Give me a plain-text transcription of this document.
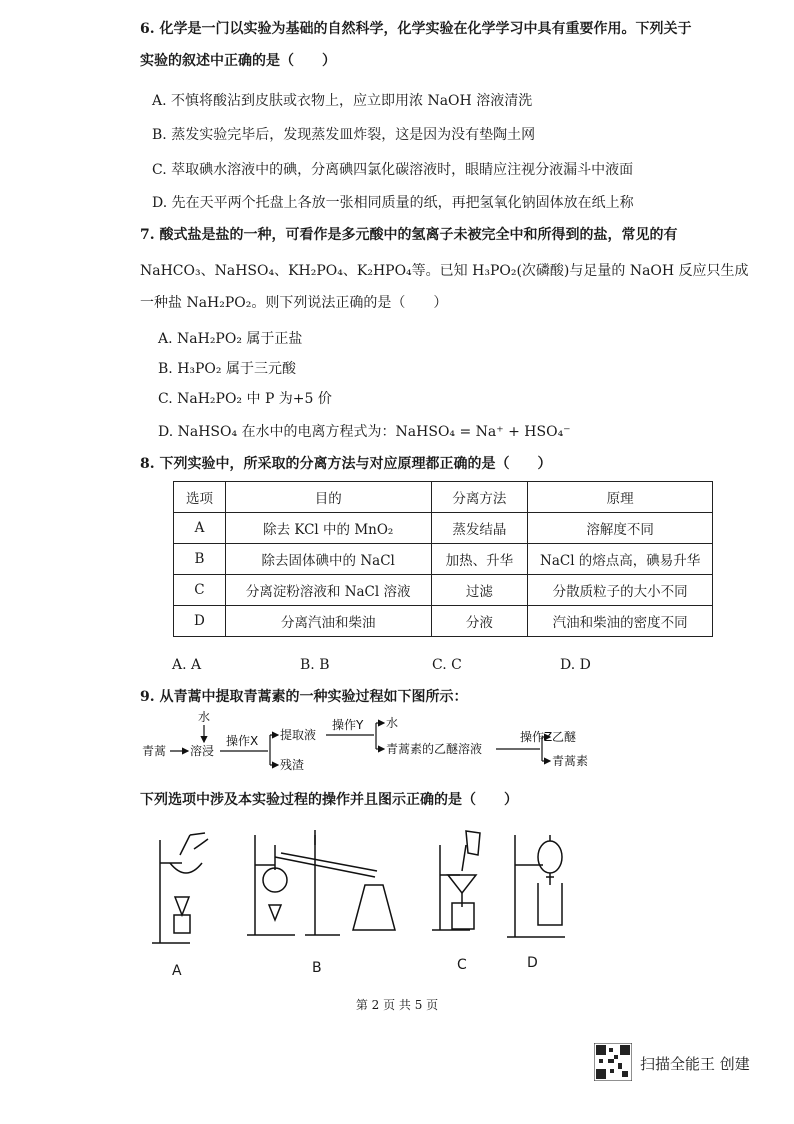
6. 化学是一门以实验为基础的自然科学，化学实验在化学学习中具有重要作用。下列关于
实验的叙述中正确的是（　　）
A. 不慎将酸沾到皮肤或衣物上，应立即用浓 NaOH 溶液清洗
B. 蒸发实验完毕后，发现蒸发皿炸裂，这是因为没有垫陶土网
C. 萃取碘水溶液中的碘，分离碘四氯化碳溶液时，眼睛应注视分液漏斗中液面
D. 先在天平两个托盘上各放一张相同质量的纸，再把氢氧化钠固体放在纸上称
7. 酸式盐是盐的一种，可看作是多元酸中的氢离子未被完全中和所得到的盐，常见的有
NaHCO₃、NaHSO₄、KH₂PO₄、K₂HPO₄等。已知 H₃PO₂(次磷酸)与足量的 NaOH 反应只生成
一种盐 NaH₂PO₂。则下列说法正确的是（　　）
A. NaH₂PO₂ 属于正盐
B. H₃PO₂ 属于三元酸
C. NaH₂PO₂ 中 P 为+5 价
D. NaHSO₄ 在水中的电离方程式为：NaHSO₄ = Na⁺ + HSO₄⁻
8. 下列实验中，所采取的分离方法与对应原理都正确的是（　　）
选项	目的	分离方法	原理
A	除去 KCl 中的 MnO₂	蒸发结晶	溶解度不同
B	除去固体碘中的 NaCl	加热、升华	NaCl 的熔点高，碘易升华
C	分离淀粉溶液和 NaCl 溶液	过滤	分散质粒子的大小不同
D	分离汽油和柴油	分液	汽油和柴油的密度不同
A. A	B. B	C. C	D. D
9. 从青蒿中提取青蒿素的一种实验过程如下图所示：
水
青蒿 溶浸
操作X 提取液
残渣
操作Y 水
青蒿素的乙醚溶液
操作Z 乙醚
青蒿素
下列选项中涉及本实验过程的操作并且图示正确的是（　　）
A	B	C	D
第 2 页 共 5 页
扫描全能王 创建
